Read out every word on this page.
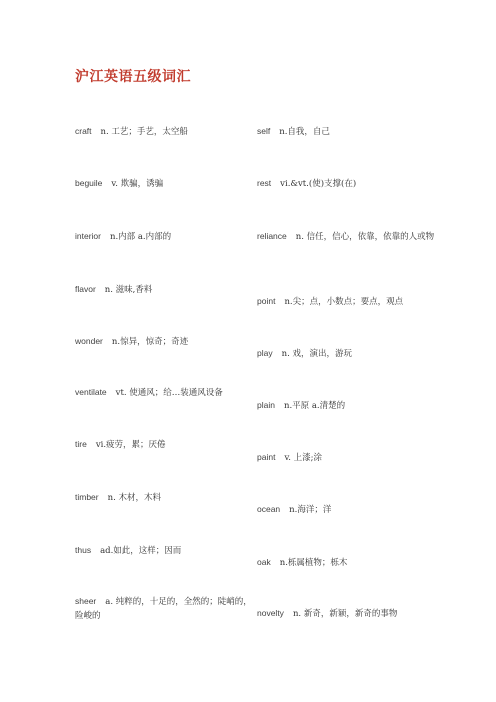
沪江英语五级词汇
craft n. 工艺；手艺，太空船
beguile v. 欺骗，诱骗
interior n.内部 a.内部的
flavor n. 滋味,香料
wonder n.惊异，惊奇；奇迹
ventilate vt. 使通风；给…装通风设备
tire vi.疲劳，累；厌倦
timber n. 木材，木料
thus ad.如此，这样；因而
sheer a. 纯粹的，十足的，全然的；陡峭的，险峻的
self n.自我，自己
rest vi.&vt.(使)支撑(在)
reliance n. 信任，信心，依靠，依靠的人或物
point n.尖；点，小数点；要点，观点
play n. 戏，演出，游玩
plain n.平原 a.清楚的
paint v. 上漆;涂
ocean n.海洋；洋
oak n.栎属植物；栎木
novelty n. 新奇，新颖，新奇的事物
